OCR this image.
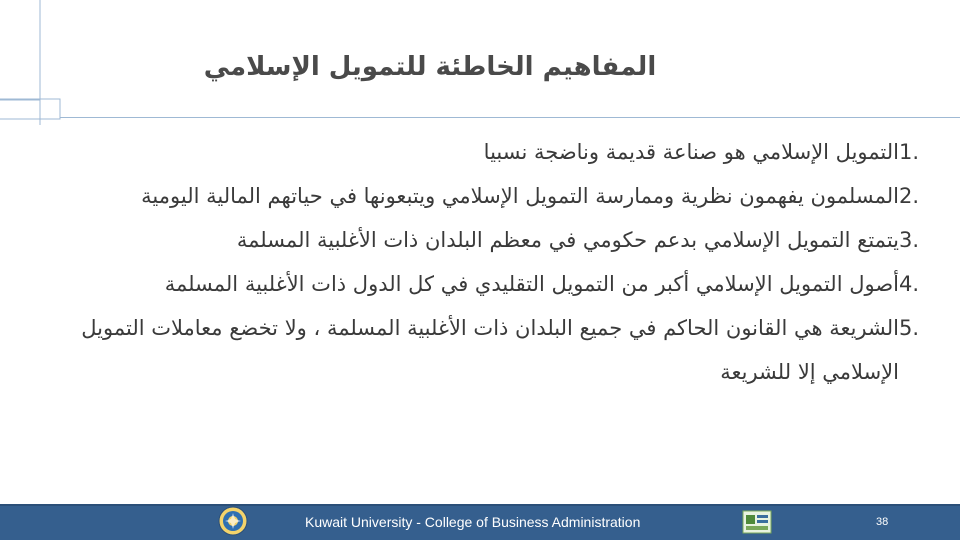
المفاهيم الخاطئة للتمويل الإسلامي
1.
التمويل الإسلامي هو صناعة قديمة وناضجة نسبيا
2.
المسلمون يفهمون نظرية وممارسة التمويل الإسلامي ويتبعونها في حياتهم المالية اليومية
3.
يتمتع التمويل الإسلامي بدعم حكومي في معظم البلدان ذات الأغلبية المسلمة
4.
أصول التمويل الإسلامي أكبر من التمويل التقليدي في كل الدول ذات الأغلبية المسلمة
5.
الشريعة هي القانون الحاكم في جميع البلدان ذات الأغلبية المسلمة ، ولا تخضع معاملات التمويل الإسلامي إلا للشريعة
Kuwait University - College of Business Administration	38
